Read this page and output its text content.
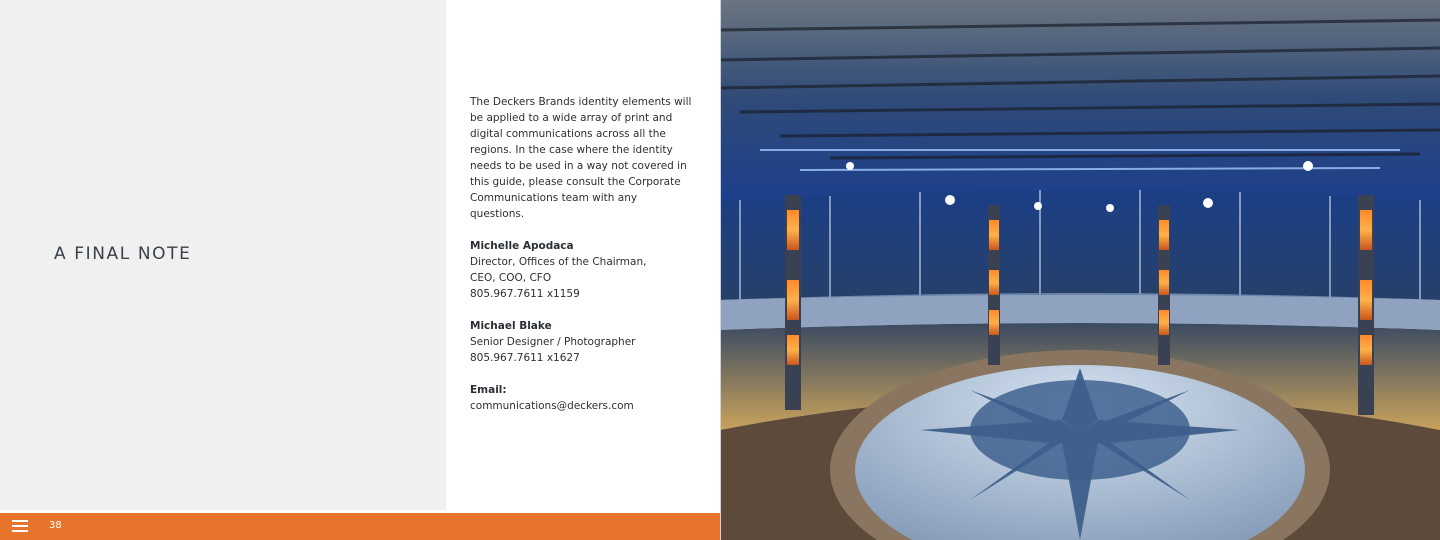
A FINAL NOTE

The Deckers Brands identity elements will be applied to a wide array of print and digital communications across all the regions. In the case where the identity needs to be used in a way not covered in this guide, please consult the Corporate Communications team with any questions.

Michelle Apodaca
Director, Offices of the Chairman,
CEO, COO, CFO
805.967.7611 x1159
Michael Blake
Senior Designer / Photographer
805.967.7611 x1627
Email:
communications@deckers.com
38
